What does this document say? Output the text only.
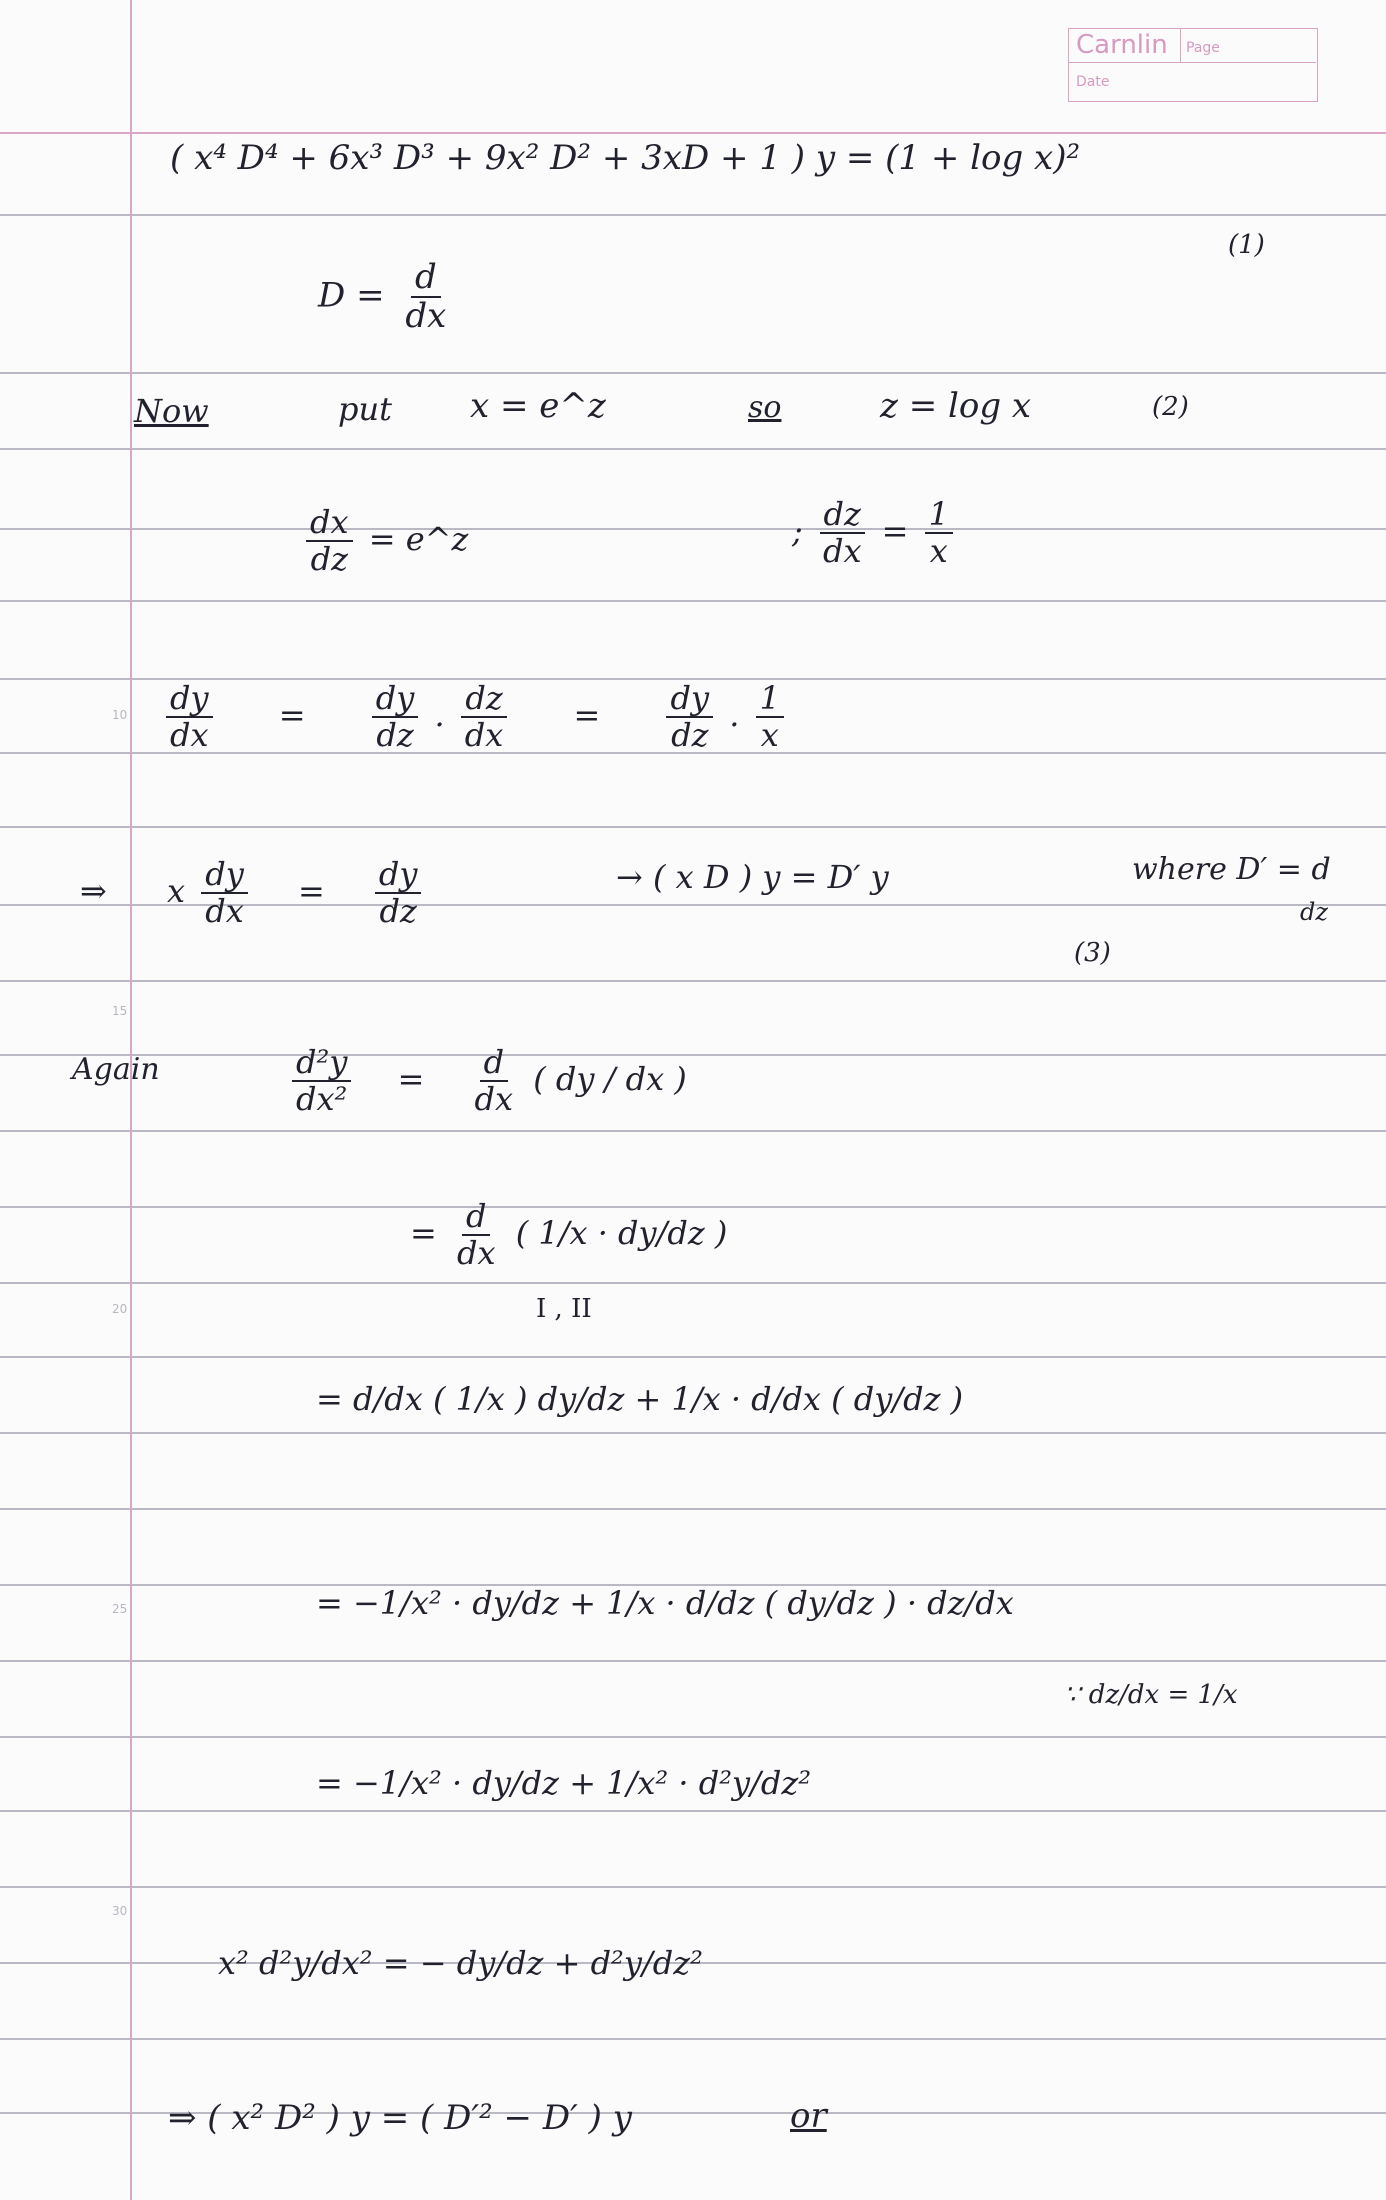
Carnlin Page
Date
10
15
20
25
30
( x⁴ D⁴ + 6x³ D³ + 9x² D² + 3xD + 1 ) y = (1 + log x)²
(1)
$D = \frac{d}{dx}$
Now	put x = e^z	so	z = log x	(2)
$\frac{dx}{dz}$ = e^z	; $\frac{dz}{dx} = \frac{1}{x}$
$\frac{dy}{dx} = \frac{dy}{dz}$ . $\frac{dz}{dx} = \frac{dy}{dz}$ . $\frac{1}{x}$
⇒ x $\frac{dy}{dx} = \frac{dy}{dz}$	→ ( x D ) y = D′ y	where D′ = d
dz
(3)
Again	$\frac{\text{d²y}}{\text{dx²}} = \frac{d}{dx}$ ( dy / dx )
= $\frac{d}{dx}$ ( 1/x · dy/dz )
I , II
= d/dx ( 1/x ) dy/dz + 1/x · d/dx ( dy/dz )
= −1/x² · dy/dz + 1/x · d/dz ( dy/dz ) · dz/dx
∵ dz/dx = 1/x
= −1/x² · dy/dz + 1/x² · d²y/dz²
x² d²y/dx² = − dy/dz + d²y/dz²
⇒ ( x² D² ) y = ( D′² − D′ ) y	or
